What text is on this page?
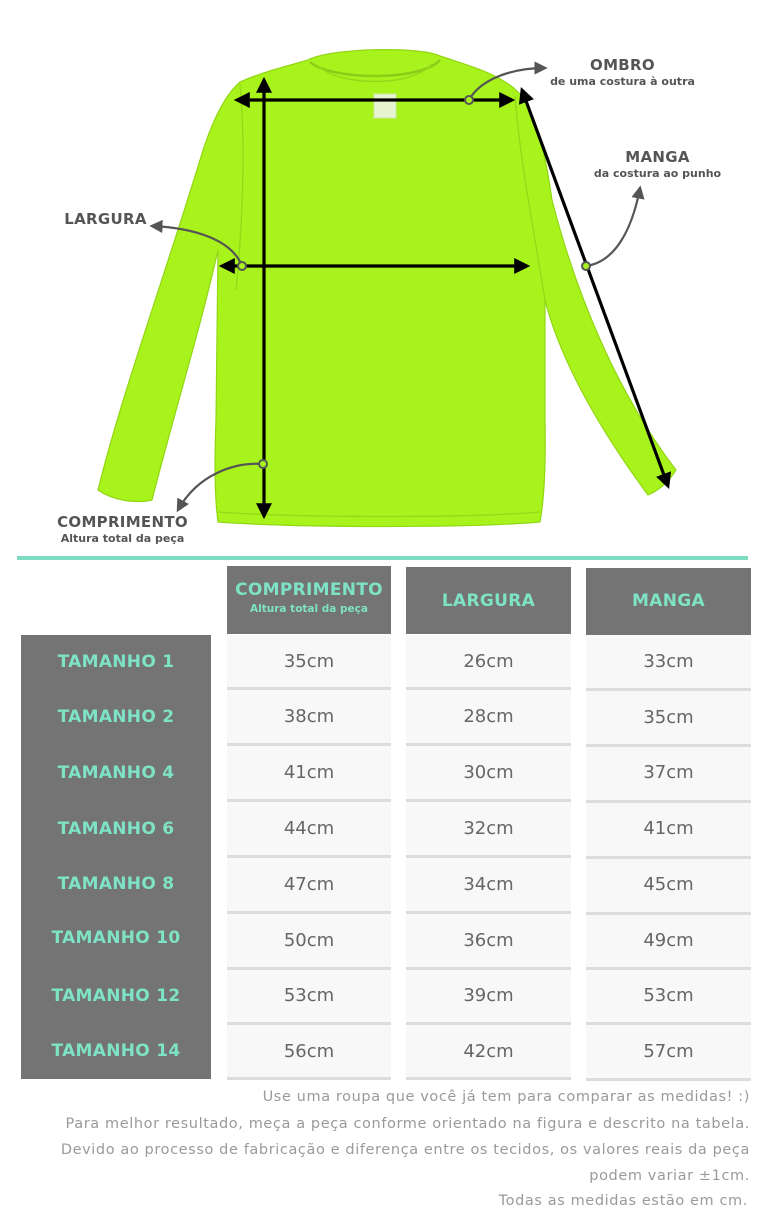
OMBRO
de uma costura à outra
MANGA
da costura ao punho
LARGURA
COMPRIMENTO
Altura total da peça
COMPRIMENTO
Altura total da peça	LARGURA	MANGA
TAMANHO 1
TAMANHO 2
TAMANHO 4
TAMANHO 6
TAMANHO 8
TAMANHO 10
TAMANHO 12
TAMANHO 14
35cm
38cm
41cm
44cm
47cm
50cm
53cm
56cm
26cm
28cm
30cm
32cm
34cm
36cm
39cm
42cm
33cm
35cm
37cm
41cm
45cm
49cm
53cm
57cm
Use uma roupa que você já tem para comparar as medidas! :)
Para melhor resultado, meça a peça conforme orientado na figura e descrito na tabela.
Devido ao processo de fabricação e diferença entre os tecidos, os valores reais da peça
podem variar ±1cm.
Todas as medidas estão em cm.
